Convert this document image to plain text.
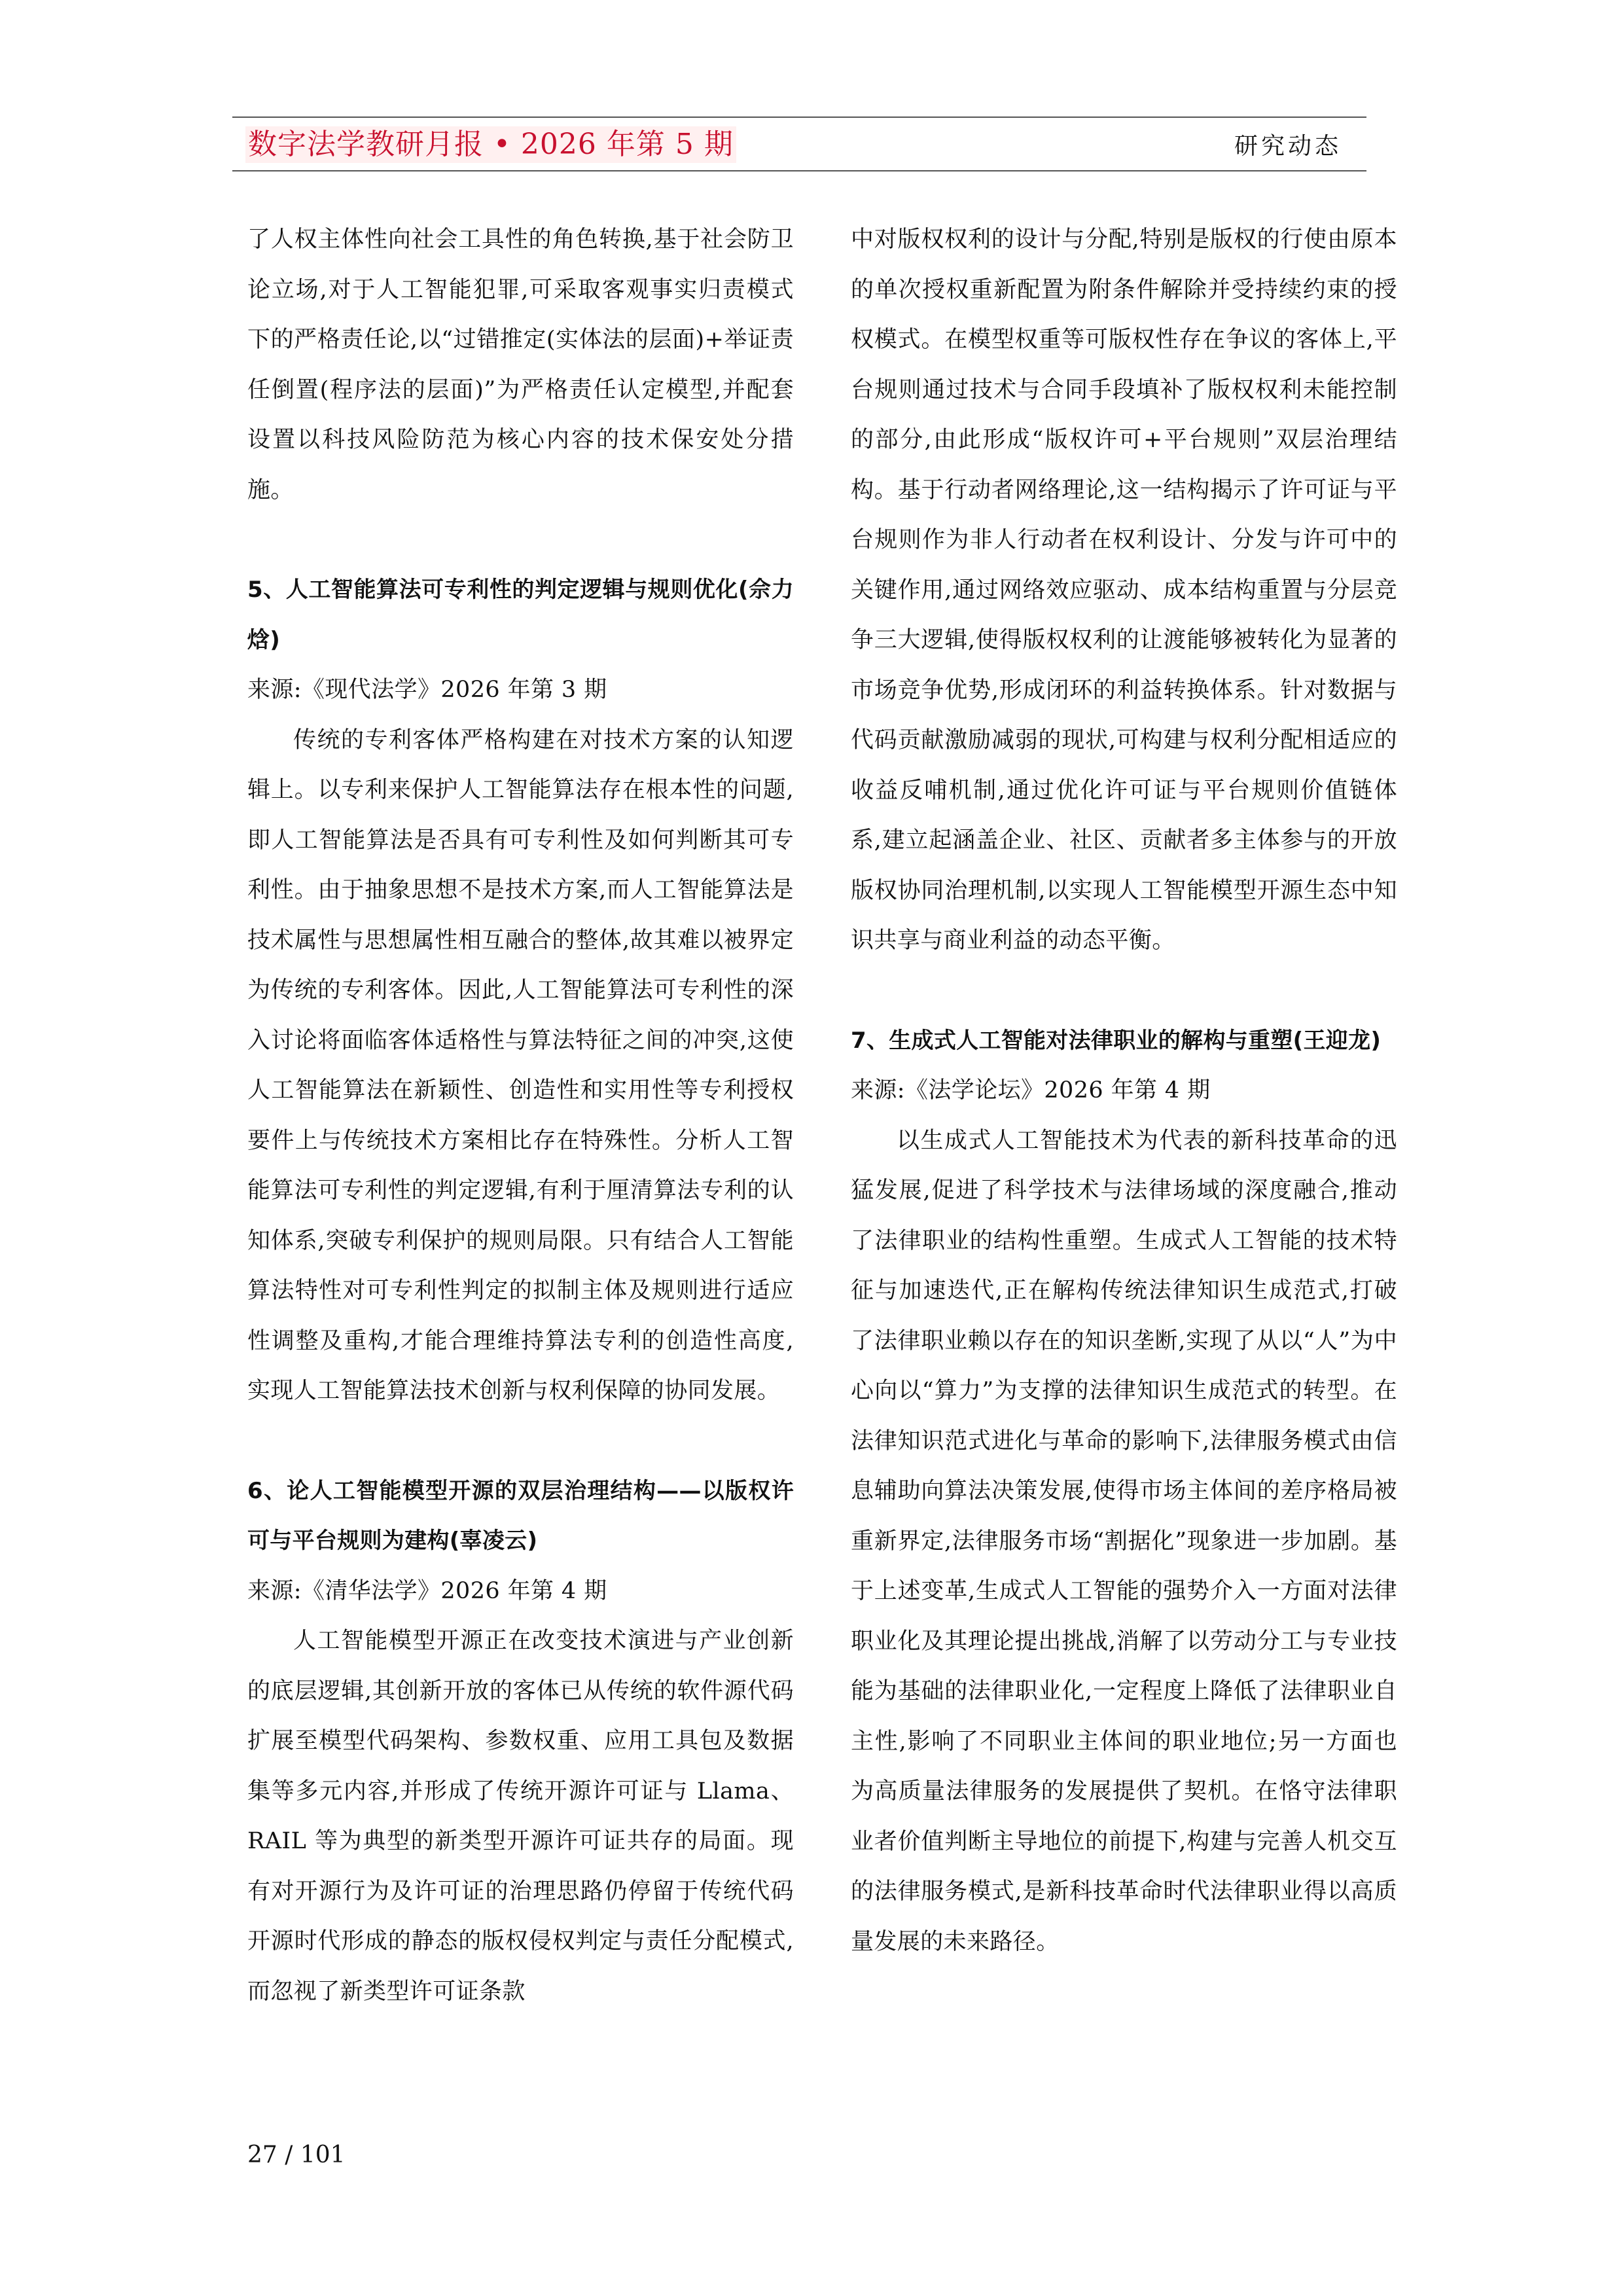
数字法学教研月报 • 2026 年第 5 期	研究动态

了人权主体性向社会工具性的角色转换,基于社会防卫论立场,对于人工智能犯罪,可采取客观事实归责模式下的严格责任论,以“过错推定(实体法的层面)+举证责任倒置(程序法的层面)”为严格责任认定模型,并配套设置以科技风险防范为核心内容的技术保安处分措施。

5、人工智能算法可专利性的判定逻辑与规则优化(佘力焓)

来源:《现代法学》2026 年第 3 期

传统的专利客体严格构建在对技术方案的认知逻辑上。以专利来保护人工智能算法存在根本性的问题,即人工智能算法是否具有可专利性及如何判断其可专利性。由于抽象思想不是技术方案,而人工智能算法是技术属性与思想属性相互融合的整体,故其难以被界定为传统的专利客体。因此,人工智能算法可专利性的深入讨论将面临客体适格性与算法特征之间的冲突,这使人工智能算法在新颖性、创造性和实用性等专利授权要件上与传统技术方案相比存在特殊性。分析人工智能算法可专利性的判定逻辑,有利于厘清算法专利的认知体系,突破专利保护的规则局限。只有结合人工智能算法特性对可专利性判定的拟制主体及规则进行适应性调整及重构,才能合理维持算法专利的创造性高度,实现人工智能算法技术创新与权利保障的协同发展。

6、论人工智能模型开源的双层治理结构——以版权许可与平台规则为建构(辜凌云)

来源:《清华法学》2026 年第 4 期

人工智能模型开源正在改变技术演进与产业创新的底层逻辑,其创新开放的客体已从传统的软件源代码扩展至模型代码架构、参数权重、应用工具包及数据集等多元内容,并形成了传统开源许可证与 Llama、RAIL 等为典型的新类型开源许可证共存的局面。现有对开源行为及许可证的治理思路仍停留于传统代码开源时代形成的静态的版权侵权判定与责任分配模式,而忽视了新类型许可证条款

中对版权权利的设计与分配,特别是版权的行使由原本的单次授权重新配置为附条件解除并受持续约束的授权模式。在模型权重等可版权性存在争议的客体上,平台规则通过技术与合同手段填补了版权权利未能控制的部分,由此形成“版权许可+平台规则”双层治理结构。基于行动者网络理论,这一结构揭示了许可证与平台规则作为非人行动者在权利设计、分发与许可中的关键作用,通过网络效应驱动、成本结构重置与分层竞争三大逻辑,使得版权权利的让渡能够被转化为显著的市场竞争优势,形成闭环的利益转换体系。针对数据与代码贡献激励减弱的现状,可构建与权利分配相适应的收益反哺机制,通过优化许可证与平台规则价值链体系,建立起涵盖企业、社区、贡献者多主体参与的开放版权协同治理机制,以实现人工智能模型开源生态中知识共享与商业利益的动态平衡。

7、生成式人工智能对法律职业的解构与重塑(王迎龙)

来源:《法学论坛》2026 年第 4 期

以生成式人工智能技术为代表的新科技革命的迅猛发展,促进了科学技术与法律场域的深度融合,推动了法律职业的结构性重塑。生成式人工智能的技术特征与加速迭代,正在解构传统法律知识生成范式,打破了法律职业赖以存在的知识垄断,实现了从以“人”为中心向以“算力”为支撑的法律知识生成范式的转型。在法律知识范式进化与革命的影响下,法律服务模式由信息辅助向算法决策发展,使得市场主体间的差序格局被重新界定,法律服务市场“割据化”现象进一步加剧。基于上述变革,生成式人工智能的强势介入一方面对法律职业化及其理论提出挑战,消解了以劳动分工与专业技能为基础的法律职业化,一定程度上降低了法律职业自主性,影响了不同职业主体间的职业地位;另一方面也为高质量法律服务的发展提供了契机。在恪守法律职业者价值判断主导地位的前提下,构建与完善人机交互的法律服务模式,是新科技革命时代法律职业得以高质量发展的未来路径。

27 / 101
